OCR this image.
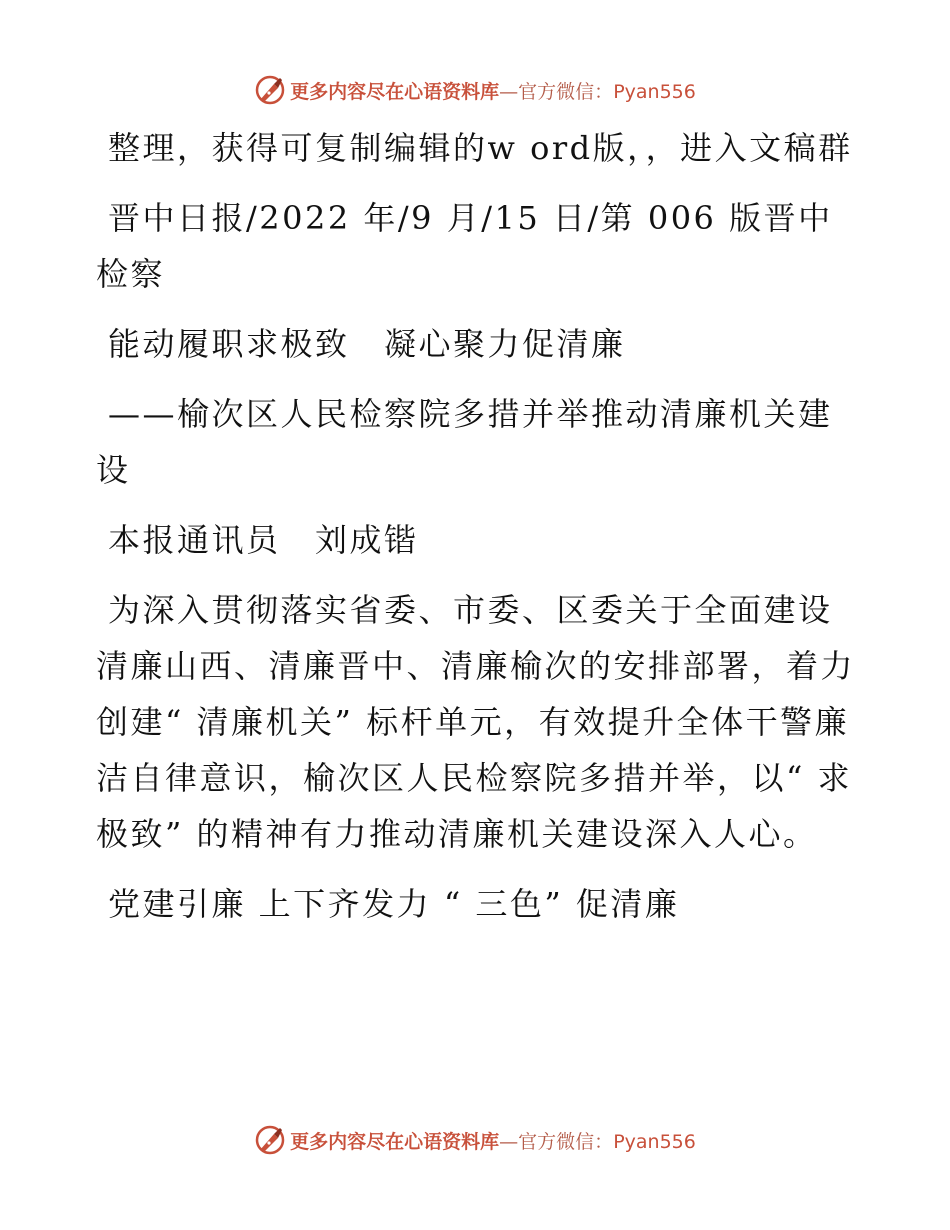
更多内容尽在心语资料库—官方微信：Pyan556

整理，获得可复制编辑的w ord版，，进入文稿群

晋中日报/2022 年/9 月/15 日/第 006 版晋中检察

能动履职求极致　凝心聚力促清廉

——榆次区人民检察院多措并举推动清廉机关建设

本报通讯员　刘成锴

为深入贯彻落实省委、市委、区委关于全面建设清廉山西、清廉晋中、清廉榆次的安排部署，着力创建“ 清廉机关” 标杆单元，有效提升全体干警廉洁自律意识，榆次区人民检察院多措并举，以“ 求极致” 的精神有力推动清廉机关建设深入人心。

党建引廉 上下齐发力 “ 三色” 促清廉

更多内容尽在心语资料库—官方微信：Pyan556
